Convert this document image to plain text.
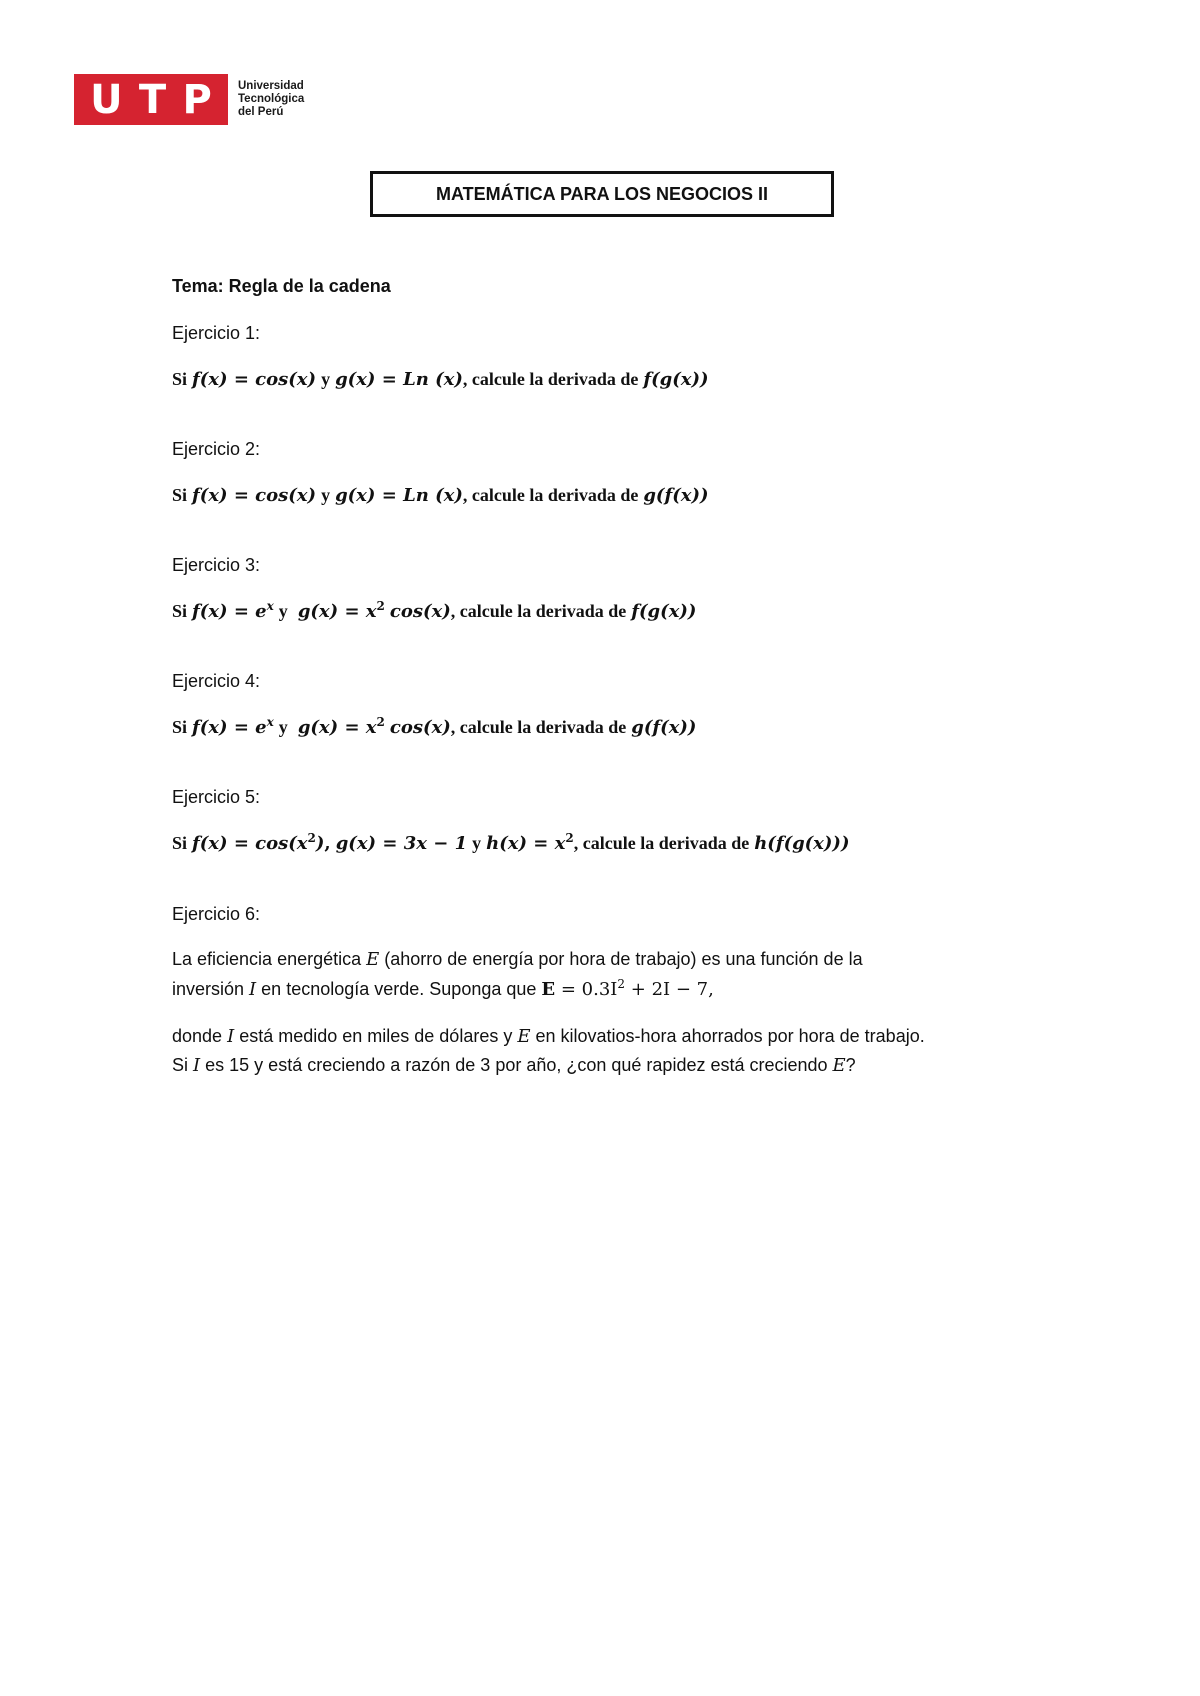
U T P Universidad
Tecnológica
del Perú
MATEMÁTICA PARA LOS NEGOCIOS II
Tema: Regla de la cadena
Ejercicio 1:
Si f(x) = cos(x) y g(x) = Ln (x), calcule la derivada de f(g(x))
Ejercicio 2:
Si f(x) = cos(x) y g(x) = Ln (x), calcule la derivada de g(f(x))
Ejercicio 3:
Si $f(x) = e^x$ y $g(x) = x^2$ cos(x), calcule la derivada de f(g(x))
Ejercicio 4:
Si $f(x) = e^x$ y $g(x) = x^2$ cos(x), calcule la derivada de g(f(x))
Ejercicio 5:
Si $f(x) = \cos(x^2)$, g(x) = 3x − 1 y $h(x) = x^2$, calcule la derivada de h(f(g(x)))
Ejercicio 6:
La eficiencia energética E (ahorro de energía por hora de trabajo) es una función de la
inversión I en tecnología verde. Suponga que $E = 0.3I^2 + 2I - 7$,
donde I está medido en miles de dólares y E en kilovatios-hora ahorrados por hora de trabajo.
Si I es 15 y está creciendo a razón de 3 por año, ¿con qué rapidez está creciendo E?
